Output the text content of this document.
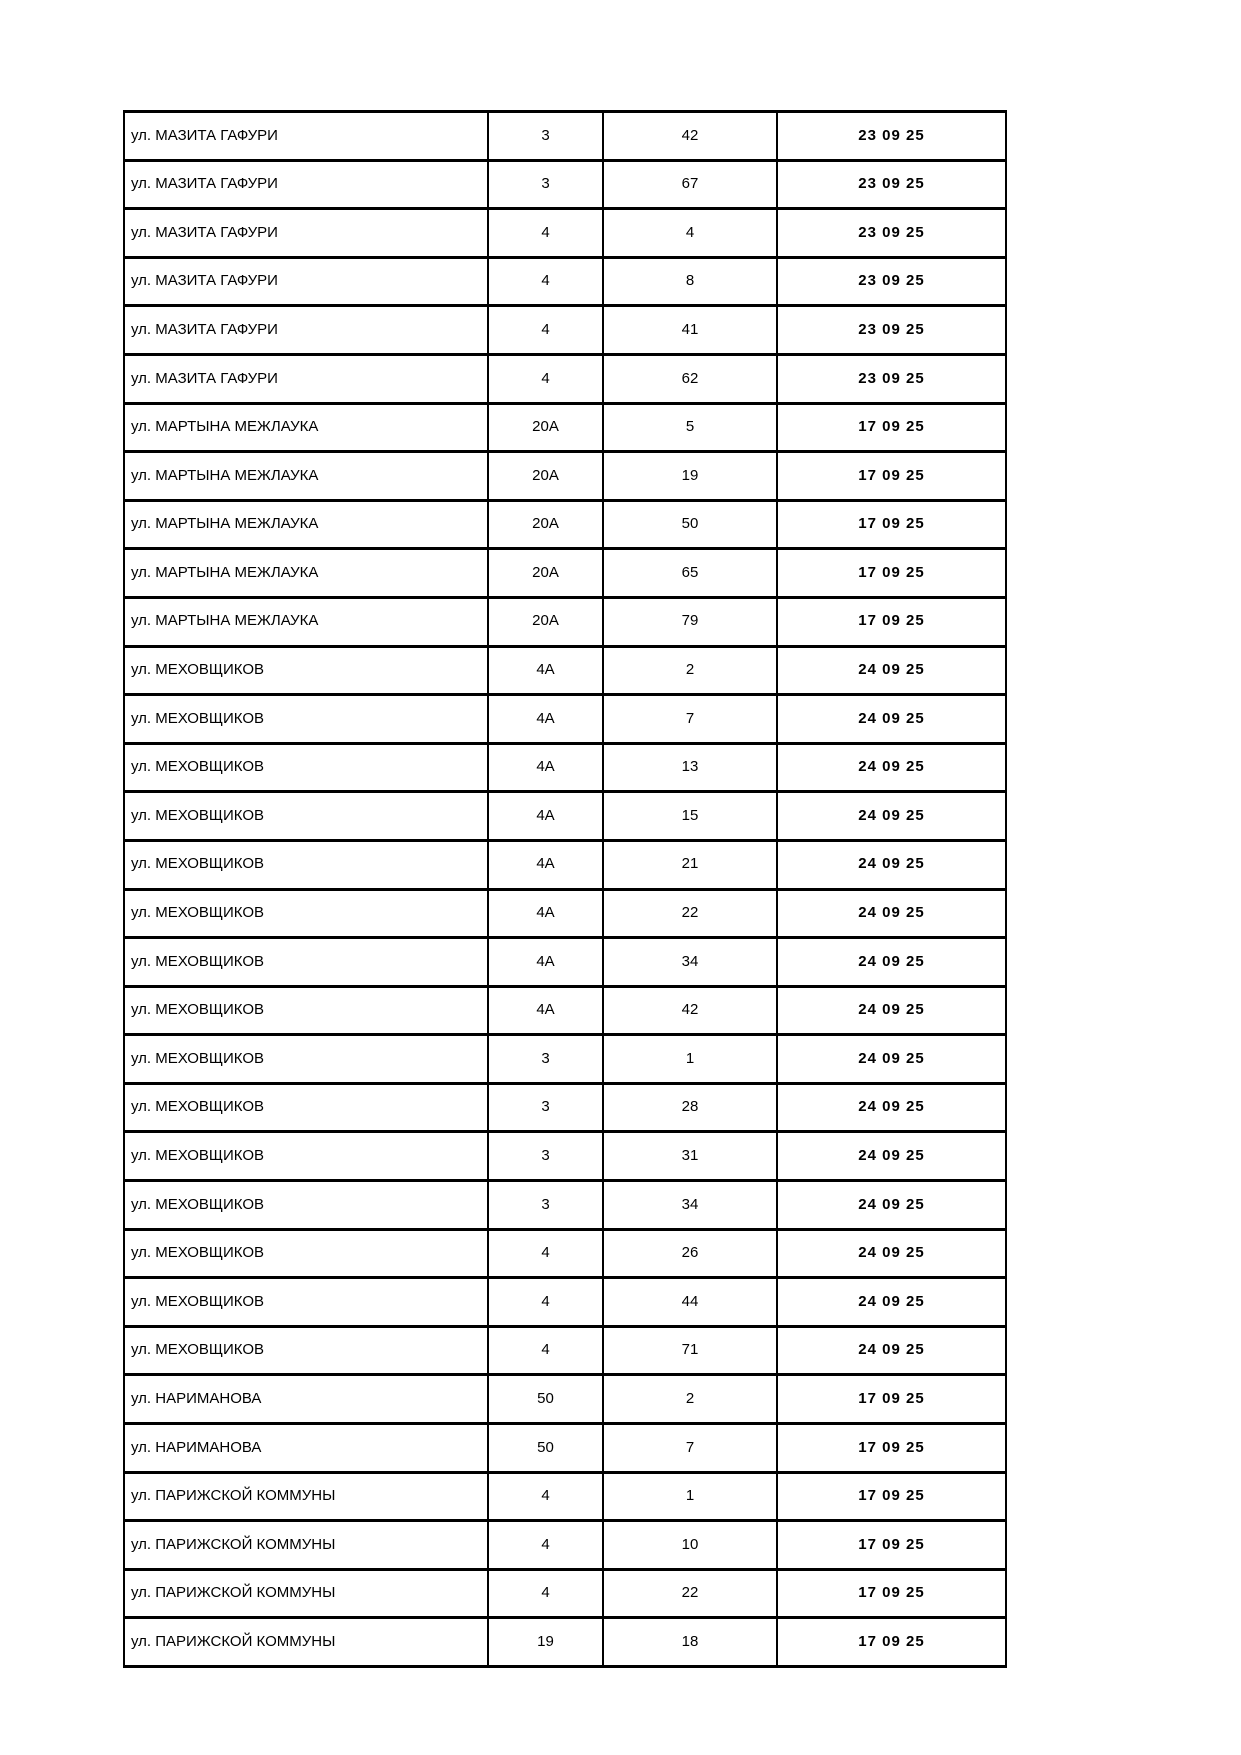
ул. МАЗИТА ГАФУРИ	3	42	23 09 25
ул. МАЗИТА ГАФУРИ	3	67	23 09 25
ул. МАЗИТА ГАФУРИ	4	4	23 09 25
ул. МАЗИТА ГАФУРИ	4	8	23 09 25
ул. МАЗИТА ГАФУРИ	4	41	23 09 25
ул. МАЗИТА ГАФУРИ	4	62	23 09 25
ул. МАРТЫНА МЕЖЛАУКА	20А	5	17 09 25
ул. МАРТЫНА МЕЖЛАУКА	20А	19	17 09 25
ул. МАРТЫНА МЕЖЛАУКА	20А	50	17 09 25
ул. МАРТЫНА МЕЖЛАУКА	20А	65	17 09 25
ул. МАРТЫНА МЕЖЛАУКА	20А	79	17 09 25
ул. МЕХОВЩИКОВ	4А	2	24 09 25
ул. МЕХОВЩИКОВ	4А	7	24 09 25
ул. МЕХОВЩИКОВ	4А	13	24 09 25
ул. МЕХОВЩИКОВ	4А	15	24 09 25
ул. МЕХОВЩИКОВ	4А	21	24 09 25
ул. МЕХОВЩИКОВ	4А	22	24 09 25
ул. МЕХОВЩИКОВ	4А	34	24 09 25
ул. МЕХОВЩИКОВ	4А	42	24 09 25
ул. МЕХОВЩИКОВ	3	1	24 09 25
ул. МЕХОВЩИКОВ	3	28	24 09 25
ул. МЕХОВЩИКОВ	3	31	24 09 25
ул. МЕХОВЩИКОВ	3	34	24 09 25
ул. МЕХОВЩИКОВ	4	26	24 09 25
ул. МЕХОВЩИКОВ	4	44	24 09 25
ул. МЕХОВЩИКОВ	4	71	24 09 25
ул. НАРИМАНОВА	50	2	17 09 25
ул. НАРИМАНОВА	50	7	17 09 25
ул. ПАРИЖСКОЙ КОММУНЫ	4	1	17 09 25
ул. ПАРИЖСКОЙ КОММУНЫ	4	10	17 09 25
ул. ПАРИЖСКОЙ КОММУНЫ	4	22	17 09 25
ул. ПАРИЖСКОЙ КОММУНЫ	19	18	17 09 25
